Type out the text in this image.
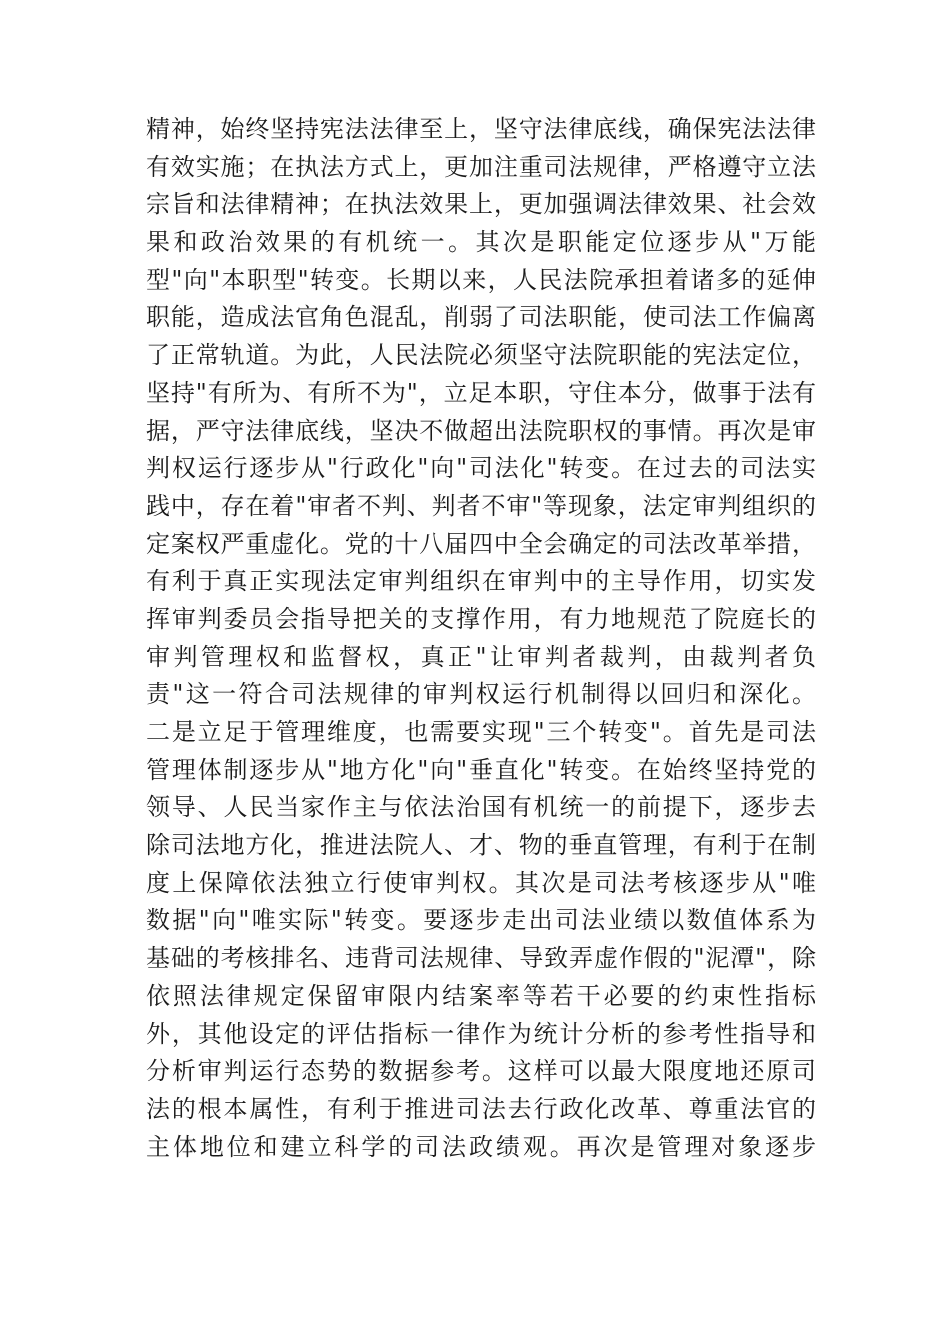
精神，始终坚持宪法法律至上，坚守法律底线，确保宪法法律
有效实施；在执法方式上，更加注重司法规律，严格遵守立法
宗旨和法律精神；在执法效果上，更加强调法律效果、社会效
果和政治效果的有机统一。其次是职能定位逐步从"万能
型"向"本职型"转变。长期以来，人民法院承担着诸多的延伸
职能，造成法官角色混乱，削弱了司法职能，使司法工作偏离
了正常轨道。为此，人民法院必须坚守法院职能的宪法定位，
坚持"有所为、有所不为"，立足本职，守住本分，做事于法有
据，严守法律底线，坚决不做超出法院职权的事情。再次是审
判权运行逐步从"行政化"向"司法化"转变。在过去的司法实
践中，存在着"审者不判、判者不审"等现象，法定审判组织的
定案权严重虚化。党的十八届四中全会确定的司法改革举措，
有利于真正实现法定审判组织在审判中的主导作用，切实发
挥审判委员会指导把关的支撑作用，有力地规范了院庭长的
审判管理权和监督权，真正"让审判者裁判，由裁判者负
责"这一符合司法规律的审判权运行机制得以回归和深化。
二是立足于管理维度，也需要实现"三个转变"。首先是司法
管理体制逐步从"地方化"向"垂直化"转变。在始终坚持党的
领导、人民当家作主与依法治国有机统一的前提下，逐步去
除司法地方化，推进法院人、才、物的垂直管理，有利于在制
度上保障依法独立行使审判权。其次是司法考核逐步从"唯
数据"向"唯实际"转变。要逐步走出司法业绩以数值体系为
基础的考核排名、违背司法规律、导致弄虚作假的"泥潭"，除
依照法律规定保留审限内结案率等若干必要的约束性指标
外，其他设定的评估指标一律作为统计分析的参考性指导和
分析审判运行态势的数据参考。这样可以最大限度地还原司
法的根本属性，有利于推进司法去行政化改革、尊重法官的
主体地位和建立科学的司法政绩观。再次是管理对象逐步
